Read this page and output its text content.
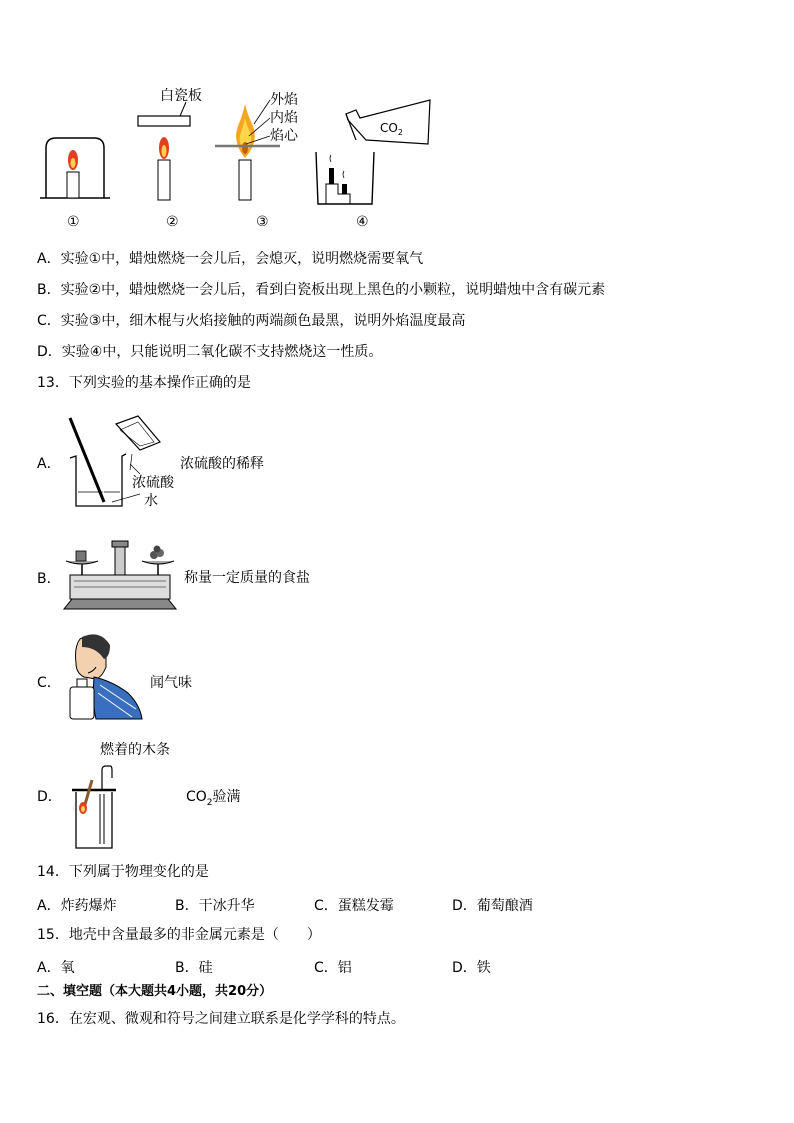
白瓷板	外焰
内焰
焰心	$CO_2$
①	②	③	④
A．实验①中，蜡烛燃烧一会儿后，会熄灭，说明燃烧需要氧气
B．实验②中，蜡烛燃烧一会儿后，看到白瓷板出现上黑色的小颗粒，说明蜡烛中含有碳元素
C．实验③中，细木棍与火焰接触的两端颜色最黑，说明外焰温度最高
D．实验④中，只能说明二氧化碳不支持燃烧这一性质。
13．下列实验的基本操作正确的是
A．	浓硫酸的稀释
浓硫酸
水
B．	称量一定质量的食盐
C．	闻气味
燃着的木条
D．	$CO_2$验满
14．下列属于物理变化的是
A．炸药爆炸	B．干冰升华	C．蛋糕发霉	D．葡萄酿酒
15．地壳中含量最多的非金属元素是（　　）
A．氧	B．硅	C．铝	D．铁
二、填空题（本大题共4小题，共20分）
16．在宏观、微观和符号之间建立联系是化学学科的特点。
